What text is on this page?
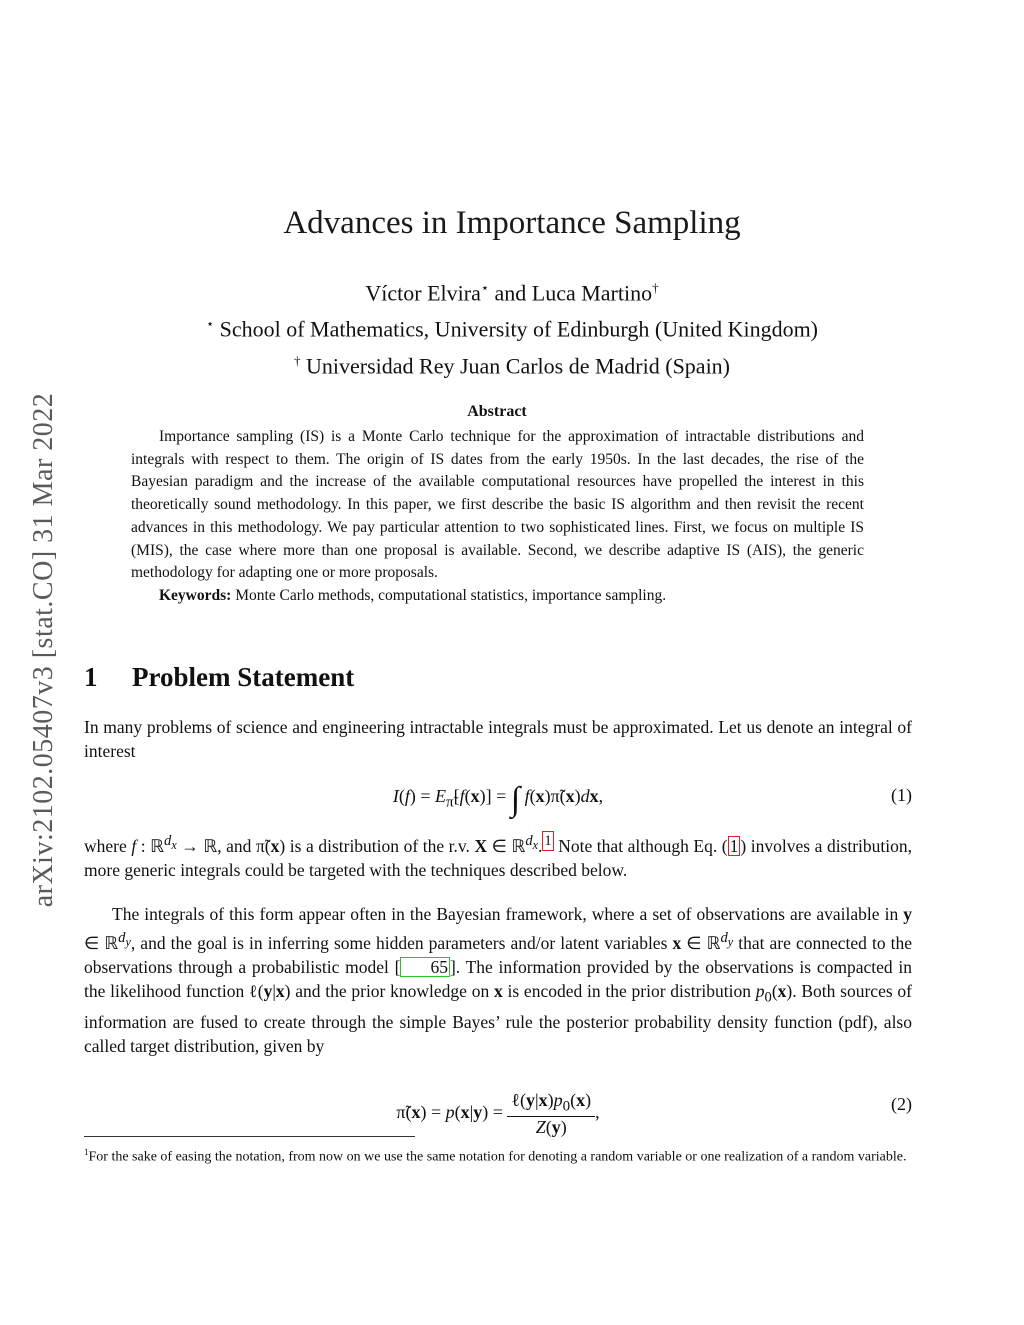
arXiv:2102.05407v3 [stat.CO] 31 Mar 2022
Advances in Importance Sampling
Víctor Elvira⋆ and Luca Martino†
⋆ School of Mathematics, University of Edinburgh (United Kingdom)
† Universidad Rey Juan Carlos de Madrid (Spain)
Abstract
Importance sampling (IS) is a Monte Carlo technique for the approximation of intractable distributions and integrals with respect to them. The origin of IS dates from the early 1950s. In the last decades, the rise of the Bayesian paradigm and the increase of the available computational resources have propelled the interest in this theoretically sound methodology. In this paper, we first describe the basic IS algorithm and then revisit the recent advances in this methodology. We pay particular attention to two sophisticated lines. First, we focus on multiple IS (MIS), the case where more than one proposal is available. Second, we describe adaptive IS (AIS), the generic methodology for adapting one or more proposals.
Keywords: Monte Carlo methods, computational statistics, importance sampling.
1 Problem Statement
In many problems of science and engineering intractable integrals must be approximated. Let us denote an integral of interest
$I(f) = E_{\pĩ}[f(x)]$ = ∫ f(x)π̃(x)dx,	(1)
where f : ℝ$^{d_x}$ → ℝ, and π̃(x) is a distribution of the r.v. X ∈ ℝ$^{d_x}$. $^1$ Note that although Eq. ( 1 ) involves a distribution, more generic integrals could be targeted with the techniques described below.
The integrals of this form appear often in the Bayesian framework, where a set of observations are available in y ∈ ℝ$^{d_y}$, and the goal is in inferring some hidden parameters and/or latent variables x ∈ ℝ$^{d_y}$ that are connected to the observations through a probabilistic model [ 65 ]. The information provided by the observations is compacted in the likelihood function ℓ(y|x) and the prior knowledge on x is encoded in the prior distribution $p_0(x)$. Both sources of information are fused to create through the simple Bayes’ rule the posterior probability density function (pdf), also called target distribution, given by
π̃(x) = $p(x|y) = \frac{\ell(y|x)p_0(x)}{Z(y)}$ ,	(2)
$^1$For the sake of easing the notation, from now on we use the same notation for denoting a random variable or one realization of a random variable.
